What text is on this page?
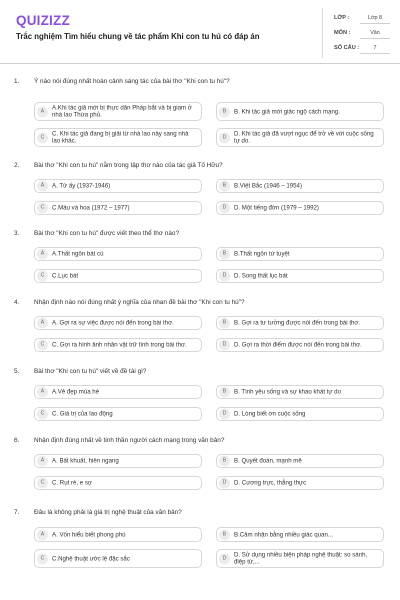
QUIZIZZ
Trắc nghiệm Tìm hiểu chung về tác phẩm Khi con tu hú có đáp án
LỚP :	Lớp 8
MÔN :	Văn
SỐ CÂU :	7
1. Ý nào nói đúng nhất hoàn cảnh sáng tác của bài thơ "Khi con tu hú"?
A	A.Khi tác giả mới bị thực dân Pháp bắt và bị giam ở nhà lao Thừa phủ.
B	B. Khi tác giả mới giác ngộ cách mạng.
C	C. Khi tác giả đang bị giải từ nhà lao này sang nhà lao khác.
D	D. Khi tác giả đã vượt ngục để trở về với cuộc sống tự do.
2. Bài thơ "Khi con tu hú" nằm trong tập thơ nào của tác giả Tố Hữu?
A	A. Từ ấy (1937-1946)	B	B.Việt Bắc (1946 – 1954)
C	C.Máu và hoa (1972 – 1977)	D	D. Một tiếng đờn (1979 – 1992)
3. Bài thơ "Khi con tu hú" được viết theo thể thơ nào?
A	A.Thất ngôn bát cú	B	B.Thất ngôn tứ tuyệt
C	C.Lục bát	D	D. Song thất lục bát
4. Nhận định nào nói đúng nhất ý nghĩa của nhan đề bài thơ "Khi con tu hú"?
A	A. Gợi ra sự việc được nói đến trong bài thơ.	B	B. Gợi ra tư tưởng được nói đến trong bài thơ.
C	C. Gợi ra hình ảnh nhân vật trữ tình trong bài thơ.	D	D. Gợi ra thời điểm được nói đến trong bài thơ.
5. Bài thơ "Khi con tu hú" viết về đề tài gì?
A	A.Vẻ đẹp mùa hè	B	B. Tình yêu sống và sự khao khát tự do
C	C. Giá trị của lao động	D	D. Lòng biết ơn cuộc sống
6. Nhận định đúng nhất về tinh thần người cách mạng trong văn bản?
A	A. Bất khuất, hiên ngang	B	B. Quyết đoán, mạnh mẽ
C	C. Rụt rè, e sợ	D	D. Cương trực, thẳng thực
7. Đâu là không phải là giá trị nghệ thuật của văn bản?
A	A. Vốn hiểu biết phong phú	B	B.Cảm nhận bằng nhiều giác quan...
C	C.Nghệ thuật ước lệ đặc sắc	D	D. Sử dụng nhiều biện pháp nghệ thuật: so sánh, điệp từ,...
